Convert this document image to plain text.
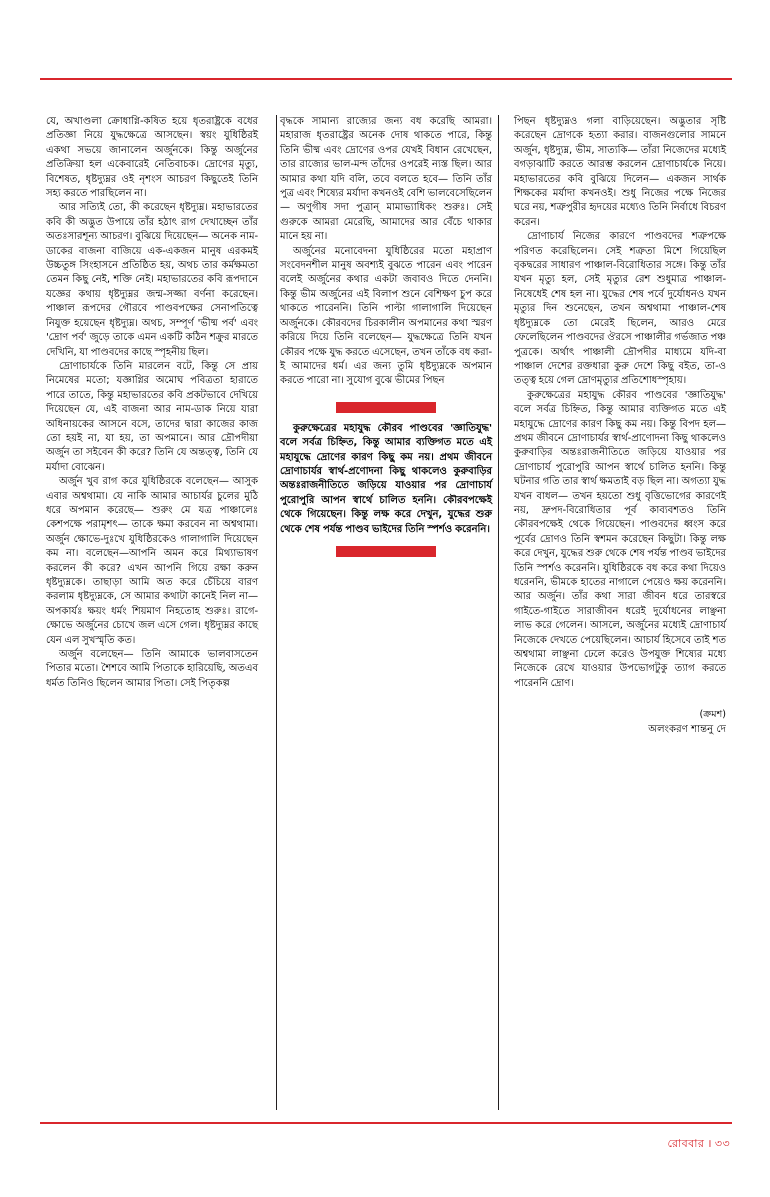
যে, অখাণ্ডলা ক্রোধাগ্নি-কষিত হয়ে ধৃতরাষ্ট্রকে বধের প্রতিজ্ঞা নিয়ে যুদ্ধক্ষেত্রে আসছেন। স্বয়ং যুধিষ্ঠিরই একথা সভয়ে জানালেন অর্জুনকে। কিন্তু অর্জুনের প্রতিক্রিয়া হল একেবারেই নেতিবাচক। দ্রোণের মৃত্যু, বিশেষত, ধৃষ্টদ্যুম্নর ওই নৃশংস আচরণ কিছুতেই তিনি সহ্য করতে পারছিলেন না।

আর সত্যিই তো, কী করেছেন ধৃষ্টদ্যুম্ন। মহাভারতের কবি কী অদ্ভুত উপায়ে তাঁর হঠাৎ রাগ দেখাচ্ছেন তাঁর অতঃসারশূন্য আচরণ। বুঝিয়ে দিয়েছেন— অনেক নাম-ডাকের বাজনা বাজিয়ে এক-একজন মানুষ এরকমই উচ্চতুঙ্গ সিংহাসনে প্রতিষ্ঠিত হয়, অথচ তার কর্মক্ষমতা তেমন কিছু নেই, শক্তি নেই। মহাভারতের কবি রূপদানে যজ্ঞের কথায় ধৃষ্টদ্যুম্নর জন্ম-সজ্জা বর্ণনা করেছেন। পাঞ্চাল রূপদের গৌরবে পাণ্ডবপক্ষের সেনাপতিত্বে নিযুক্ত হয়েছেন ধৃষ্টদ্যুম্ন। অথচ, সম্পূর্ণ 'ভীষ্ম পর্ব' এবং 'দ্রোণ পর্ব' জুড়ে তাকে এমন একটি কঠিন শক্রুর মারতে দেখিনি, যা পাণ্ডবদের কাছে স্পৃহনীয় ছিল।

দ্রোণাচার্যকে তিনি মারলেন বটে, কিন্তু সে প্রায় নিমেষের মতো; যজ্ঞাগ্নির অমোঘ পবিত্রতা হারাতে পারে তাতে, কিন্তু মহাভারতের কবি প্রকটভাবে দেখিয়ে দিয়েছেন যে, এই বাজনা আর নাম-ডাক নিয়ে যারা অধিনায়কের আসনে বসে, তাদের দ্বারা কাজের কাজ তো হয়ই না, যা হয়, তা অপমানে। আর দ্রৌপদীয়া অর্জুন তা সইবেন কী করে? তিনি যে অন্তত্ত্ব, তিনি যে মর্যাদা বোঝেন।

অর্জুন খুব রাগ করে যুধিষ্ঠিরকে বলেছেন— আসুক এবার অশ্বথামা। যে নাকি আমার আচার্যর চুলের মুঠি ধরে অপমান করেছে— শুরুং মে যত্র পাঞ্চালেঃ কেশপক্ষে পরামৃশৎ— তাকে ক্ষমা করবেন না অশ্বথামা। অর্জুন ক্ষোভে-দুঃখে যুধিষ্ঠিরকেও গালাগালি দিয়েছেন কম না। বলেছেন—আপনি অমন করে মিথ্যাভাষণ করলেন কী করে? এখন আপনি গিয়ে রক্ষা করুন ধৃষ্টদ্যুম্নকে। তাছাড়া আমি অত করে চেঁচিয়ে বারণ করলাম ধৃষ্টদ্যুম্নকে, সে আমার কথাটা কানেই নিল না— অপকার্যঃ ক্ষয়ং ধর্মং শিয়মাণ নিহতোহ শুরুঃ। রাগে-ক্ষোভে অর্জুনের চোখে জল এসে গেল। ধৃষ্টদ্যুম্নর কাছে যেন এল সুখস্মৃতি কত।

অর্জুন বলেছেন— তিনি আমাকে ভালবাসতেন পিতার মতো। শৈশবে আমি পিতাকে হারিয়েছি, অতএব ধর্মত তিনিও ছিলেন আমার পিতা। সেই পিতৃকল্প

বৃদ্ধকে সামান্য রাজ্যের জন্য বধ করেছি আমরা। মহারাজ ধৃতরাষ্ট্রের অনেক দোষ থাকতে পারে, কিন্তু তিনি ভীষ্ম এবং দ্রোণের ওপর যেখই বিধান রেখেছেন, তার রাজ্যের ভাল-মন্দ তাঁদের ওপরেই ন্যস্ত ছিল। আর আমার কথা যদি বলি, তবে বলতে হবে— তিনি তাঁর পুত্র এবং শিষ্যের মর্যাদা কখনওই বেশি ভালবেসেছিলেন— অণুগীষ সদা পুত্রান্ মামাভ্যাধিকং শুরুঃ। সেই গুরুকে আমরা মেরেছি, আমাদের আর বেঁচে থাকার মানে হয় না।

অর্জুনের মনোবেদনা যুধিষ্ঠিরের মতো মহাপ্রাণ সংবেদনশীল মানুষ অবশ্যই বুঝতে পারেন এবং পারেন বলেই অর্জুনের কথার একটা জবাবও দিতে দেননি। কিন্তু ভীম অর্জুনের এই বিলাপ শুনে বেশিক্ষণ চুপ করে থাকতে পারেননি। তিনি পাল্টা গালাগালি দিয়েছেন অর্জুনকে। কৌরবদের চিরকালীন অপমানের কথা স্মরণ করিয়ে দিয়ে তিনি বলেছেন— যুদ্ধক্ষেত্রে তিনি যখন কৌরব পক্ষে যুদ্ধ করতে এসেছেন, তখন তাঁকে বধ করা-ই আমাদের ধর্ম। এর জন্য তুমি ধৃষ্টদ্যুম্নকে অপমান করতে পারো না। সুযোগ বুঝে ভীমের পিছন

কুরুক্ষেত্রের মহাযুদ্ধ কৌরব পাণ্ডবের 'জ্ঞাতিযুদ্ধ' বলে সর্বত্র চিহ্নিত, কিন্তু আমার ব্যক্তিগত মতে এই মহাযুদ্ধে দ্রোণের কারণ কিছু কম নয়। প্রথম জীবনে দ্রোণাচার্যর স্বার্থ-প্রণোদনা কিছু থাকলেও কুরুবাড়ির অন্তঃরাজনীতিতে জড়িয়ে যাওয়ার পর দ্রোণাচার্য পুরোপুরি আপন স্বার্থে চালিত হননি। কৌরবপক্ষেই থেকে গিয়েছেন। কিন্তু লক্ষ করে দেখুন, যুদ্ধের শুরু থেকে শেষ পর্যন্ত পাণ্ডব ভাইদের তিনি স্পর্শও করেননি।

পিছন ধৃষ্টদ্যুম্নও গলা বাড়িয়েছেন। অদ্ভুতার সৃষ্টি করেছেন দ্রোণকে হত্যা করার। বাজনগুলোর সামনে অর্জুন, ধৃষ্টদ্যুম্ন, ভীম, সাত্যকি— তাঁরা নিজেদের মধ্যেই বগড়াঝাটি করতে আরম্ভ করলেন দ্রোণাচার্যকে নিয়ে। মহাভারতের কবি বুঝিয়ে দিলেন— একজন সার্থক শিক্ষকের মর্যাদা কখনওই। শুধু নিজের পক্ষে নিজের ঘরে নয়, শত্রুপুরীর হৃদয়ের মধ্যেও তিনি নির্বাধে বিচরণ করেন।

দ্রোণাচার্য নিজের কারণে পাণ্ডবদের শত্রুপক্ষে পরিণত করেছিলেন। সেই শত্রুতা মিশে গিয়েছিল বৃকদ্বরের সাধারণ পাঞ্চাল-বিরোধিতার সঙ্গে। কিন্তু তাঁর যখন মৃত্যু হল, সেই মৃত্যুর রেশ শুধুমাত্র পাঞ্চাল-নিষেধেই শেষ হল না। যুদ্ধের শেষ পর্বে দুর্যোধনও যখন মৃত্যুর দিন শুনেছেন, তখন অশ্বথামা পাঞ্চাল-শেষ ধৃষ্টদ্যুম্নকে তো মেরেই ছিলেন, আরও মেরে ফেলেছিলেন পাণ্ডবদের ঔরসে পাঞ্চালীর গর্ভজাত পঞ্চ পুত্রকে। অর্থাৎ পাঞ্চালী দ্রৌপদীর মাধ্যমে যদি-বা পাঞ্চাল দেশের রক্তধারা কুরু দেশে কিছু বইত, তা-ও তত্ত্ব হয়ে গেল দ্রোণমৃত্যুর প্রতিশোধস্পৃহায়।

কুরুক্ষেত্রের মহাযুদ্ধ কৌরব পাণ্ডবের 'জ্ঞাতিযুদ্ধ' বলে সর্বত্র চিহ্নিত, কিন্তু আমার ব্যক্তিগত মতে এই মহাযুদ্ধে দ্রোণের কারণ কিছু কম নয়। কিন্তু বিপদ হল— প্রথম জীবনে দ্রোণাচার্যর স্বার্থ-প্রাণোদনা কিছু থাকলেও কুরুবাড়ির অন্তঃরাজনীতিতে জড়িয়ে যাওয়ার পর দ্রোণাচার্য পুরোপুরি আপন স্বার্থে চালিত হননি। কিন্তু ঘটনার গতি তার স্বার্থ ক্ষমতাই বড় ছিল না। অগত্যা যুদ্ধ যখন বাধল— তখন হয়তো শুধু বৃত্তিভোগের কারণেই নয়, দ্রুপদ-বিরোধিতার পূর্ব কাব্যবশতও তিনি কৌরবপক্ষেই থেকে গিয়েছেন। পাণ্ডবদের ধ্বংস করে পূর্বের দ্রোণও তিনি স্বশমন করেছেন কিছুটা। কিন্তু লক্ষ করে দেখুন, যুদ্ধের শুরু থেকে শেষ পর্যন্ত পাণ্ডব ভাইদের তিনি স্পর্শও করেননি। যুধিষ্ঠিরকে বধ করে কথা দিয়েও ধরেননি, ভীমকে হাতের নাগালে পেয়েও ক্ষয় করেননি। আর অর্জুন। তাঁর কথা সারা জীবন ধরে তারস্বরে গাইতে-গাইতে সারাজীবন ধরেই দুর্যোধনের লাঞ্ছনা লাভ করে গেলেন। আসলে, অর্জুনের মধ্যেই দ্রোণাচার্য নিজেকে দেখতে পেয়েছিলেন। আচার্য হিসেবে তাই শত অশ্বথামা লাঞ্ছনা ঢেলে করেও উপযুক্ত শিষ্যের মধ্যে নিজেকে রেখে যাওয়ার উপভোগটুকু ত্যাগ করতে পারেননি দ্রোণ।

(ক্রমশ)
অলংকরণ শান্তনু দে
রোববার । ৩৩
